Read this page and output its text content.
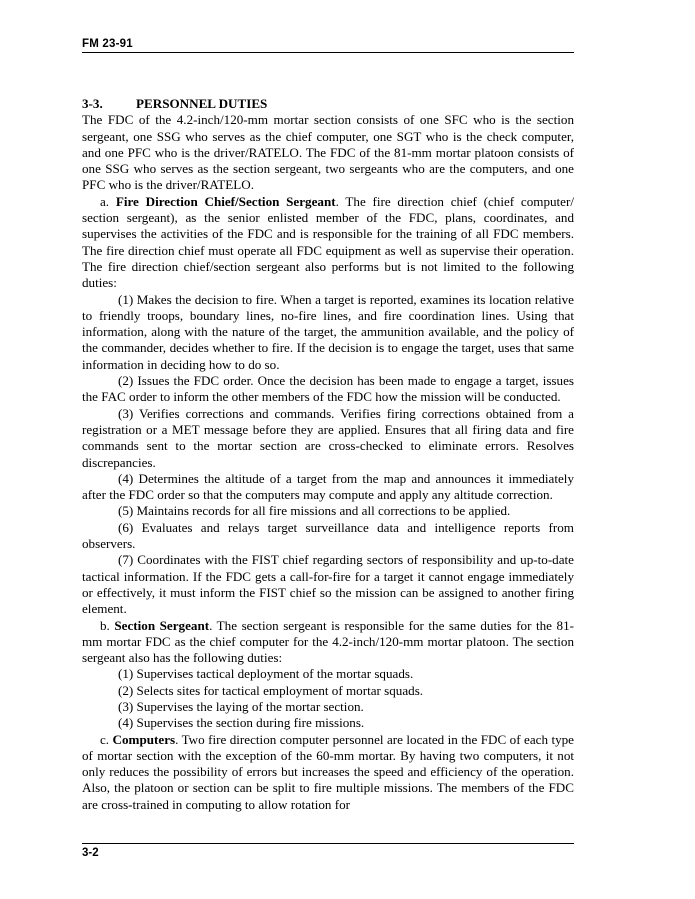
FM 23-91

3-3.	PERSONNEL DUTIES

The FDC of the 4.2-inch/120-mm mortar section consists of one SFC who is the section sergeant, one SSG who serves as the chief computer, one SGT who is the check computer, and one PFC who is the driver/RATELO. The FDC of the 81-mm mortar platoon consists of one SSG who serves as the section sergeant, two sergeants who are the computers, and one PFC who is the driver/RATELO.

a. Fire Direction Chief/Section Sergeant. The fire direction chief (chief computer/ section sergeant), as the senior enlisted member of the FDC, plans, coordinates, and supervises the activities of the FDC and is responsible for the training of all FDC members. The fire direction chief must operate all FDC equipment as well as supervise their operation. The fire direction chief/section sergeant also performs but is not limited to the following duties:

(1) Makes the decision to fire. When a target is reported, examines its location relative to friendly troops, boundary lines, no-fire lines, and fire coordination lines. Using that information, along with the nature of the target, the ammunition available, and the policy of the commander, decides whether to fire. If the decision is to engage the target, uses that same information in deciding how to do so.

(2) Issues the FDC order. Once the decision has been made to engage a target, issues the FAC order to inform the other members of the FDC how the mission will be conducted.

(3) Verifies corrections and commands. Verifies firing corrections obtained from a registration or a MET message before they are applied. Ensures that all firing data and fire commands sent to the mortar section are cross-checked to eliminate errors. Resolves discrepancies.

(4) Determines the altitude of a target from the map and announces it immediately after the FDC order so that the computers may compute and apply any altitude correction.

(5) Maintains records for all fire missions and all corrections to be applied.

(6) Evaluates and relays target surveillance data and intelligence reports from observers.

(7) Coordinates with the FIST chief regarding sectors of responsibility and up-to-date tactical information. If the FDC gets a call-for-fire for a target it cannot engage immediately or effectively, it must inform the FIST chief so the mission can be assigned to another firing element.

b. Section Sergeant. The section sergeant is responsible for the same duties for the 81-mm mortar FDC as the chief computer for the 4.2-inch/120-mm mortar platoon. The section sergeant also has the following duties:

(1) Supervises tactical deployment of the mortar squads.

(2) Selects sites for tactical employment of mortar squads.

(3) Supervises the laying of the mortar section.

(4) Supervises the section during fire missions.

c. Computers. Two fire direction computer personnel are located in the FDC of each type of mortar section with the exception of the 60-mm mortar. By having two computers, it not only reduces the possibility of errors but increases the speed and efficiency of the operation. Also, the platoon or section can be split to fire multiple missions. The members of the FDC are cross-trained in computing to allow rotation for

3-2
